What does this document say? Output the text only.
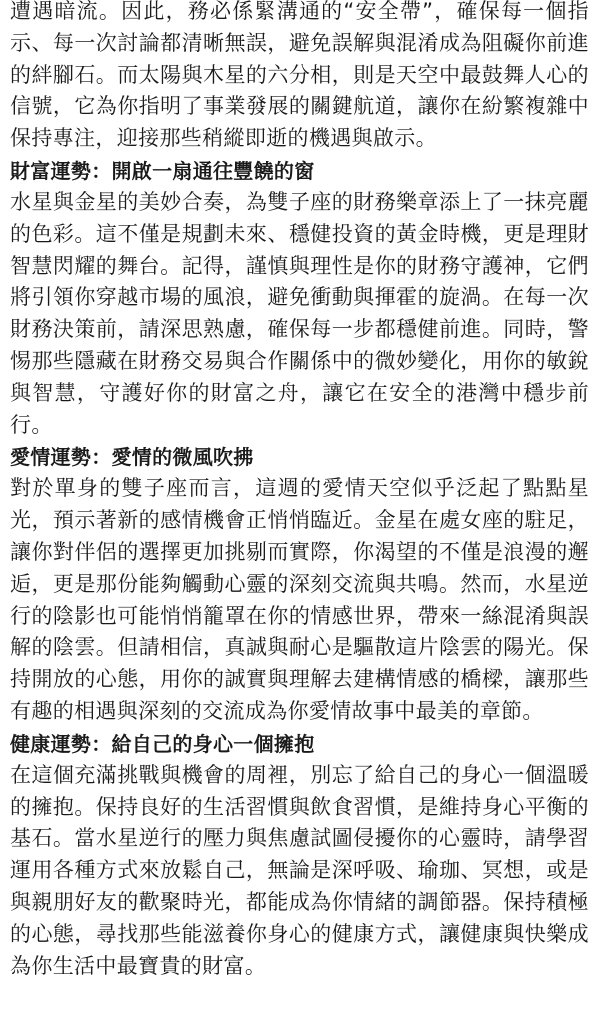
遭遇暗流。因此，務必係緊溝通的“安全帶”，確保每一個指示、每一次討論都清晰無誤，避免誤解與混淆成為阻礙你前進的絆腳石。而太陽與木星的六分相，則是天空中最鼓舞人心的信號，它為你指明了事業發展的關鍵航道，讓你在紛繁複雜中保持專注，迎接那些稍縱即逝的機遇與啟示。

財富運勢：開啟一扇通往豐饒的窗

水星與金星的美妙合奏，為雙子座的財務樂章添上了一抹亮麗的色彩。這不僅是規劃未來、穩健投資的黃金時機，更是理財智慧閃耀的舞台。記得，謹慎與理性是你的財務守護神，它們將引領你穿越市場的風浪，避免衝動與揮霍的旋渦。在每一次財務決策前，請深思熟慮，確保每一步都穩健前進。同時，警惕那些隱藏在財務交易與合作關係中的微妙變化，用你的敏銳與智慧，守護好你的財富之舟，讓它在安全的港灣中穩步前行。

愛情運勢：愛情的微風吹拂

對於單身的雙子座而言，這週的愛情天空似乎泛起了點點星光，預示著新的感情機會正悄悄臨近。金星在處女座的駐足，讓你對伴侶的選擇更加挑剔而實際，你渴望的不僅是浪漫的邂逅，更是那份能夠觸動心靈的深刻交流與共鳴。然而，水星逆行的陰影也可能悄悄籠罩在你的情感世界，帶來一絲混淆與誤解的陰雲。但請相信，真誠與耐心是驅散這片陰雲的陽光。保持開放的心態，用你的誠實與理解去建構情感的橋樑，讓那些有趣的相遇與深刻的交流成為你愛情故事中最美的章節。

健康運勢：給自己的身心一個擁抱

在這個充滿挑戰與機會的周裡，別忘了給自己的身心一個溫暖的擁抱。保持良好的生活習慣與飲食習慣，是維持身心平衡的基石。當水星逆行的壓力與焦慮試圖侵擾你的心靈時，請學習運用各種方式來放鬆自己，無論是深呼吸、瑜珈、冥想，或是與親朋好友的歡聚時光，都能成為你情緒的調節器。保持積極的心態，尋找那些能滋養你身心的健康方式，讓健康與快樂成為你生活中最寶貴的財富。
